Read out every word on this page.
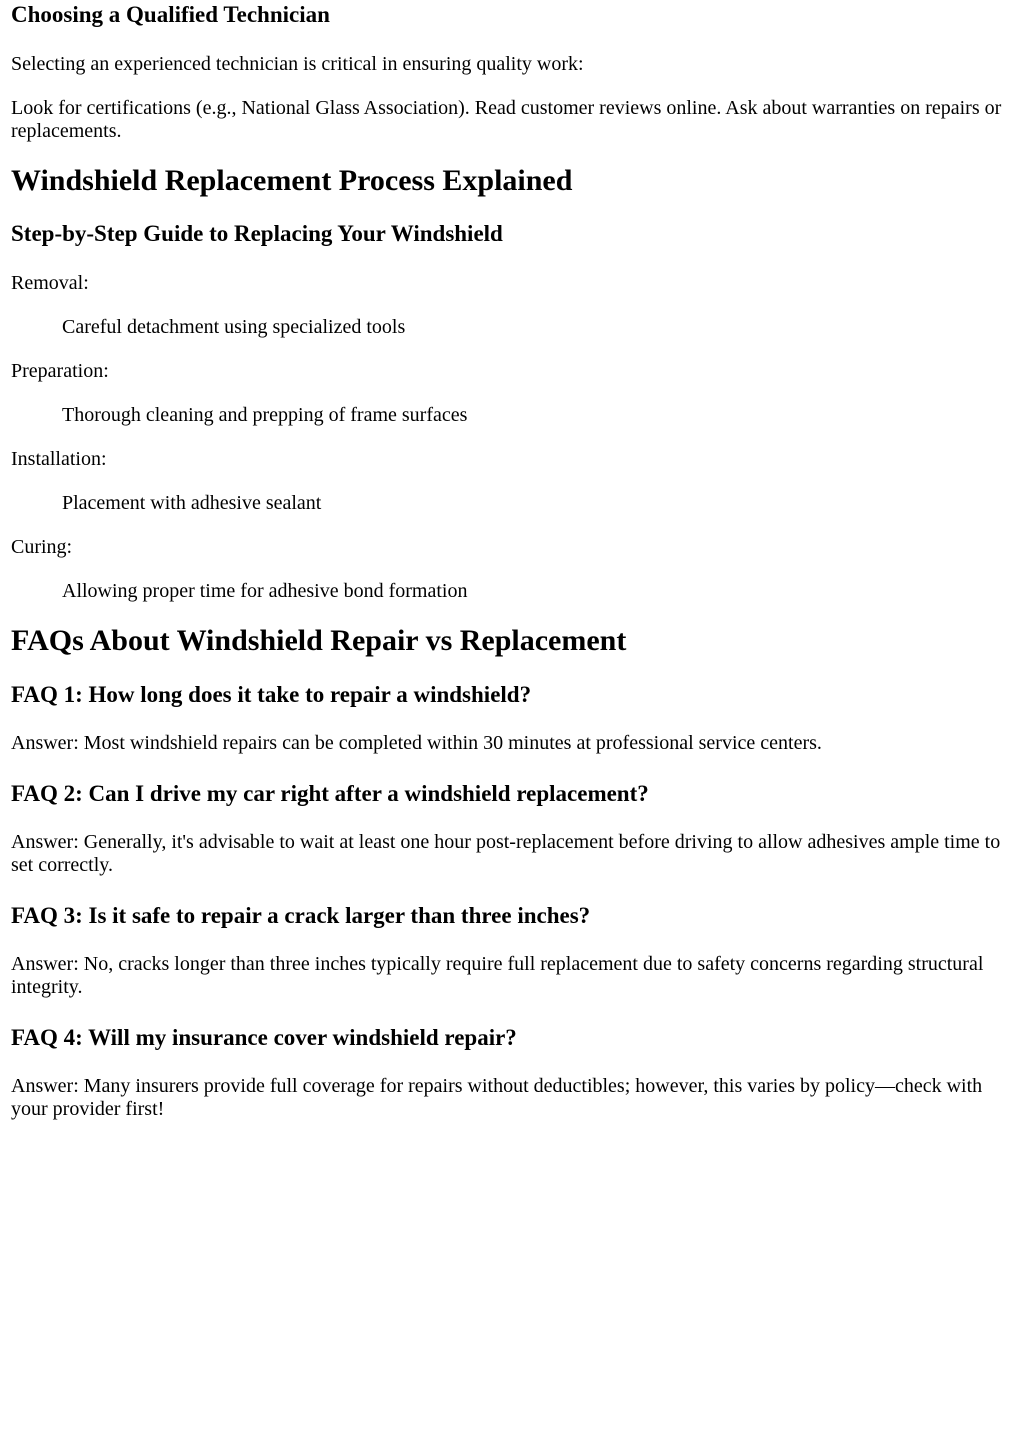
Choosing a Qualified Technician

Selecting an experienced technician is critical in ensuring quality work:

Look for certifications (e.g., National Glass Association). Read customer reviews online. Ask about warranties on repairs or replacements.

Windshield Replacement Process Explained
Step-by-Step Guide to Replacing Your Windshield
Removal:
Careful detachment using specialized tools
Preparation:
Thorough cleaning and prepping of frame surfaces
Installation:
Placement with adhesive sealant
Curing:
Allowing proper time for adhesive bond formation
FAQs About Windshield Repair vs Replacement
FAQ 1: How long does it take to repair a windshield?

Answer: Most windshield repairs can be completed within 30 minutes at professional service centers.

FAQ 2: Can I drive my car right after a windshield replacement?

Answer: Generally, it's advisable to wait at least one hour post-replacement before driving to allow adhesives ample time to set correctly.

FAQ 3: Is it safe to repair a crack larger than three inches?

Answer: No, cracks longer than three inches typically require full replacement due to safety concerns regarding structural integrity.

FAQ 4: Will my insurance cover windshield repair?

Answer: Many insurers provide full coverage for repairs without deductibles; however, this varies by policy—check with your provider first!
